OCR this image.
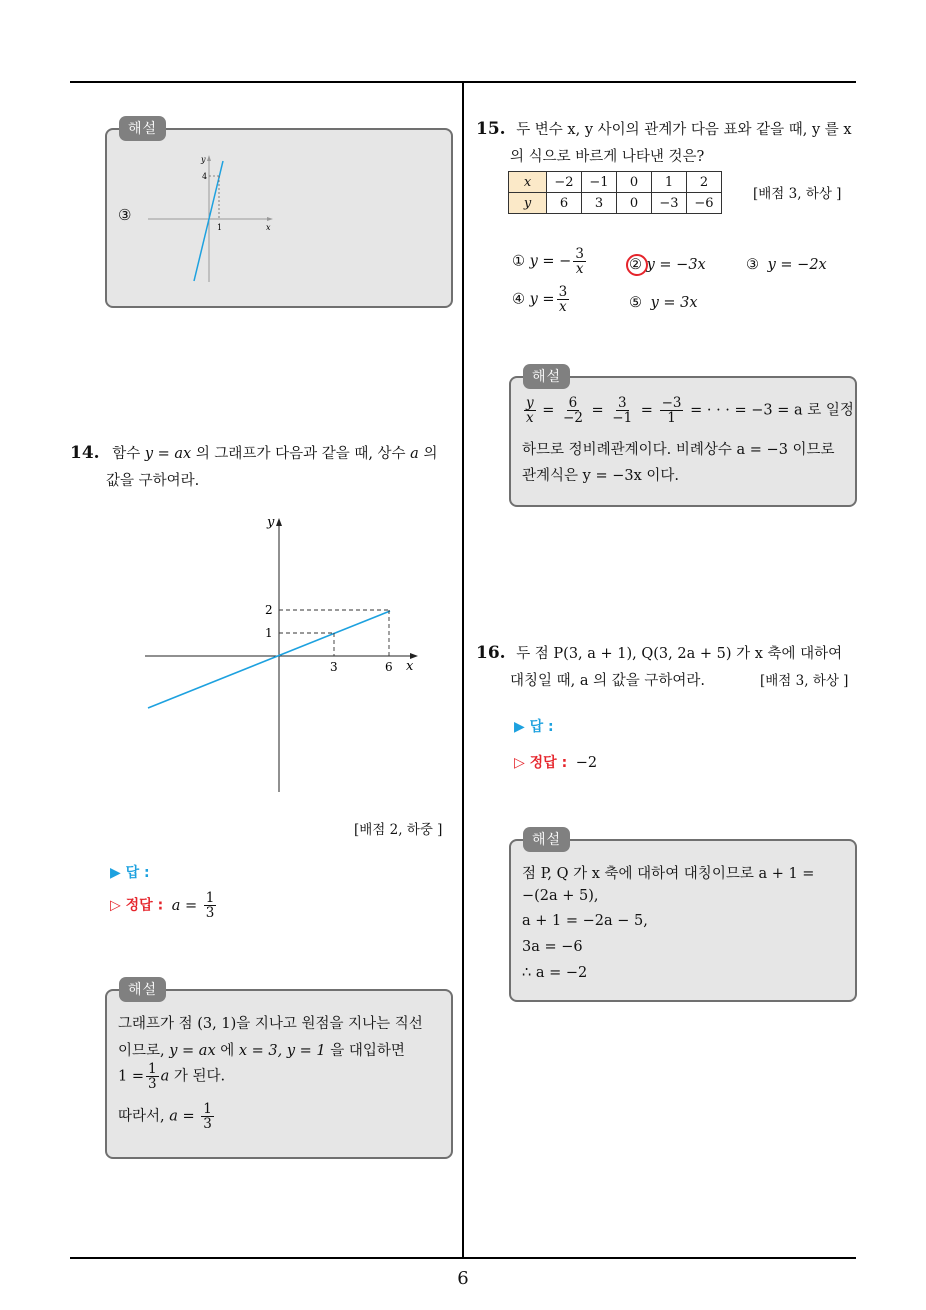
6
해설
③
y
x
4
1
14. 함수 y = ax 의 그래프가 다음과 같을 때, 상수 a 의
값을 구하여라.
y
x
2
1
3	6
[배점 2, 하중 ]
▶ 답 :
▷ 정답 : $a = \frac{1}{3}$
해설
그래프가 점 (3, 1)을 지나고 원점을 지나는 직선
이므로, y = ax 에 x = 3, y = 1 을 대입하면
$1 = \frac{1}{3}$ a 가 된다.
따라서, $a = \frac{1}{3}$
15. 두 변수 x, y 사이의 관계가 다음 표와 같을 때, y 를 x
의 식으로 바르게 나타낸 것은?
x	−2	−1	0	1	2
y	6	3	0	−3	−6
[배점 3, 하상 ]
① y = − $\frac{3}{x}$	② y = −3x	③ y = −2x
④ $y = \frac{3}{x}$	⑤ y = 3x
해설
$\frac{y}{x} = \frac{6}{-2} = \frac{3}{-1} = \frac{-3}{1}$ = · · · = −3 = a 로 일정
하므로 정비례관계이다. 비례상수 a = −3 이므로
관계식은 y = −3x 이다.
16. 두 점 P(3, a + 1), Q(3, 2a + 5) 가 x 축에 대하여
대칭일 때, a 의 값을 구하여라.	[배점 3, 하상 ]
▶ 답 :
▷ 정답 : −2
해설
점 P, Q 가 x 축에 대하여 대칭이므로 a + 1 =
−(2a + 5),
a + 1 = −2a − 5,
3a = −6
∴ a = −2
